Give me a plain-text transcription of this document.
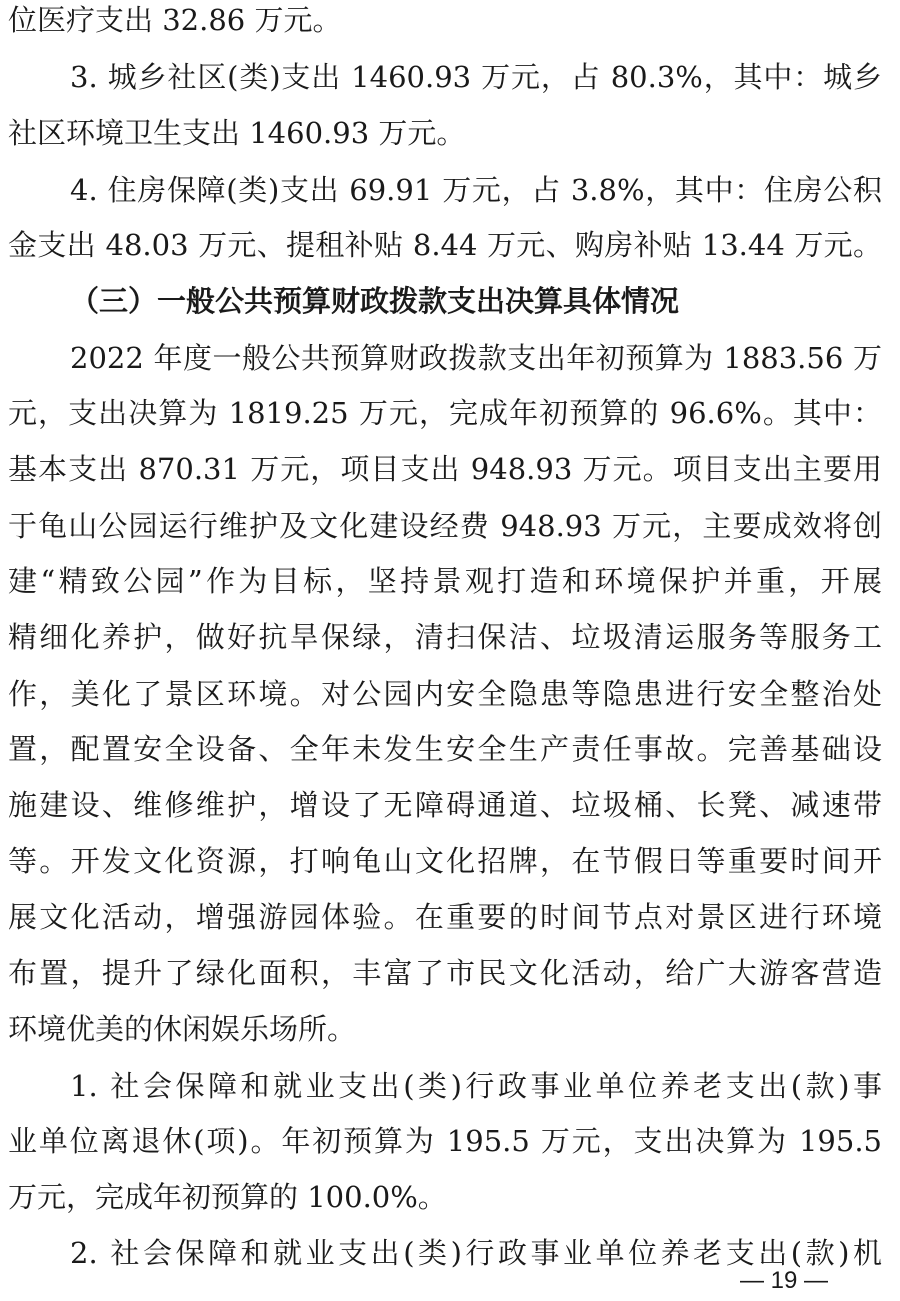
位医疗支出 32.86 万元。
3. 城乡社区(类)支出 1460.93 万元，占 80.3%，其中：城乡
社区环境卫生支出 1460.93 万元。
4. 住房保障(类)支出 69.91 万元，占 3.8%，其中：住房公积
金支出 48.03 万元、提租补贴 8.44 万元、购房补贴 13.44 万元。
（三）一般公共预算财政拨款支出决算具体情况
2022 年度一般公共预算财政拨款支出年初预算为 1883.56 万
元，支出决算为 1819.25 万元，完成年初预算的 96.6%。其中：
基本支出 870.31 万元，项目支出 948.93 万元。项目支出主要用
于龟山公园运行维护及文化建设经费 948.93 万元，主要成效将创
建“精致公园”作为目标，坚持景观打造和环境保护并重，开展
精细化养护，做好抗旱保绿，清扫保洁、垃圾清运服务等服务工
作，美化了景区环境。对公园内安全隐患等隐患进行安全整治处
置，配置安全设备、全年未发生安全生产责任事故。完善基础设
施建设、维修维护，增设了无障碍通道、垃圾桶、长凳、减速带
等。开发文化资源，打响龟山文化招牌，在节假日等重要时间开
展文化活动，增强游园体验。在重要的时间节点对景区进行环境
布置，提升了绿化面积，丰富了市民文化活动，给广大游客营造
环境优美的休闲娱乐场所。
1. 社会保障和就业支出(类)行政事业单位养老支出(款)事
业单位离退休(项)。年初预算为 195.5 万元，支出决算为 195.5
万元，完成年初预算的 100.0%。
2. 社会保障和就业支出(类)行政事业单位养老支出(款)机
— 19 —
